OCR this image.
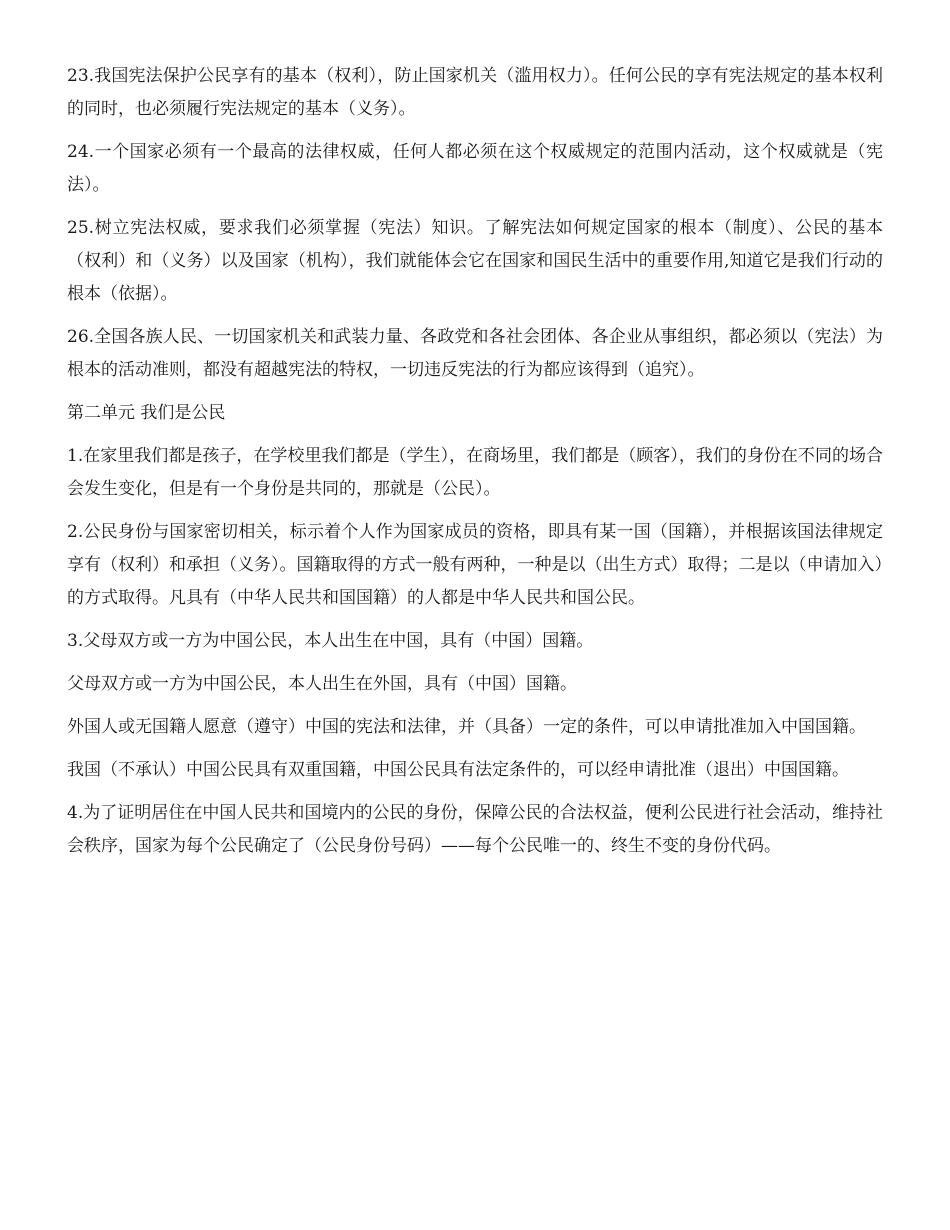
23.我国宪法保护公民享有的基本（权利），防止国家机关（滥用权力）。任何公民的享有宪法规定的基本权利的同时，也必须履行宪法规定的基本（义务）。

24.一个国家必须有一个最高的法律权威，任何人都必须在这个权威规定的范围内活动，这个权威就是（宪法）。

25.树立宪法权威，要求我们必须掌握（宪法）知识。了解宪法如何规定国家的根本（制度）、公民的基本（权利）和（义务）以及国家（机构），我们就能体会它在国家和国民生活中的重要作用,知道它是我们行动的根本（依据）。

26.全国各族人民、一切国家机关和武装力量、各政党和各社会团体、各企业从事组织，都必须以（宪法）为根本的活动准则，都没有超越宪法的特权，一切违反宪法的行为都应该得到（追究）。

第二单元 我们是公民

1.在家里我们都是孩子，在学校里我们都是（学生），在商场里，我们都是（顾客），我们的身份在不同的场合会发生变化，但是有一个身份是共同的，那就是（公民）。

2.公民身份与国家密切相关，标示着个人作为国家成员的资格，即具有某一国（国籍），并根据该国法律规定享有（权利）和承担（义务）。国籍取得的方式一般有两种，一种是以（出生方式）取得；二是以（申请加入）的方式取得。凡具有（中华人民共和国国籍）的人都是中华人民共和国公民。

3.父母双方或一方为中国公民，本人出生在中国，具有（中国）国籍。

父母双方或一方为中国公民，本人出生在外国，具有（中国）国籍。

外国人或无国籍人愿意（遵守）中国的宪法和法律，并（具备）一定的条件，可以申请批准加入中国国籍。

我国（不承认）中国公民具有双重国籍，中国公民具有法定条件的，可以经申请批准（退出）中国国籍。

4.为了证明居住在中国人民共和国境内的公民的身份，保障公民的合法权益，便利公民进行社会活动，维持社会秩序，国家为每个公民确定了（公民身份号码）——每个公民唯一的、终生不变的身份代码。
